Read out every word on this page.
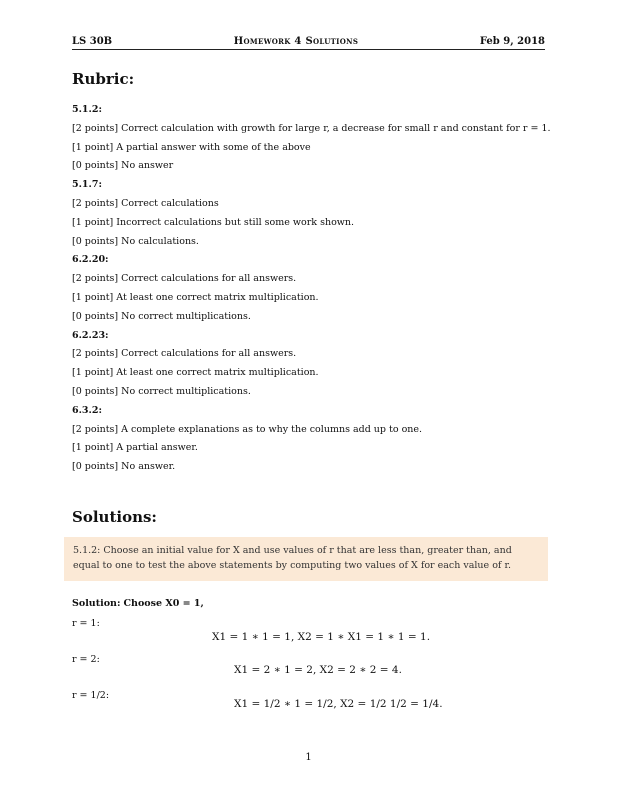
LS 30B	Homework 4 Solutions	Feb 9, 2018
Rubric:
5.1.2:
[2 points] Correct calculation with growth for large r, a decrease for small r and constant for r = 1.
[1 point] A partial answer with some of the above
[0 points] No answer
5.1.7:
[2 points] Correct calculations
[1 point] Incorrect calculations but still some work shown.
[0 points] No calculations.
6.2.20:
[2 points] Correct calculations for all answers.
[1 point] At least one correct matrix multiplication.
[0 points] No correct multiplications.
6.2.23:
[2 points] Correct calculations for all answers.
[1 point] At least one correct matrix multiplication.
[0 points] No correct multiplications.
6.3.2:
[2 points] A complete explanations as to why the columns add up to one.
[1 point] A partial answer.
[0 points] No answer.
Solutions:
5.1.2: Choose an initial value for X and use values of r that are less than, greater than, and equal to one to test the above statements by computing two values of X for each value of r.
Solution: Choose X0 = 1,
r = 1:
X1 = 1 ∗ 1 = 1, X2 = 1 ∗ X1 = 1 ∗ 1 = 1.
r = 2:
X1 = 2 ∗ 1 = 2, X2 = 2 ∗ 2 = 4.
r = 1/2:
X1 = 1/2 ∗ 1 = 1/2, X2 = 1/2 1/2 = 1/4.
1
